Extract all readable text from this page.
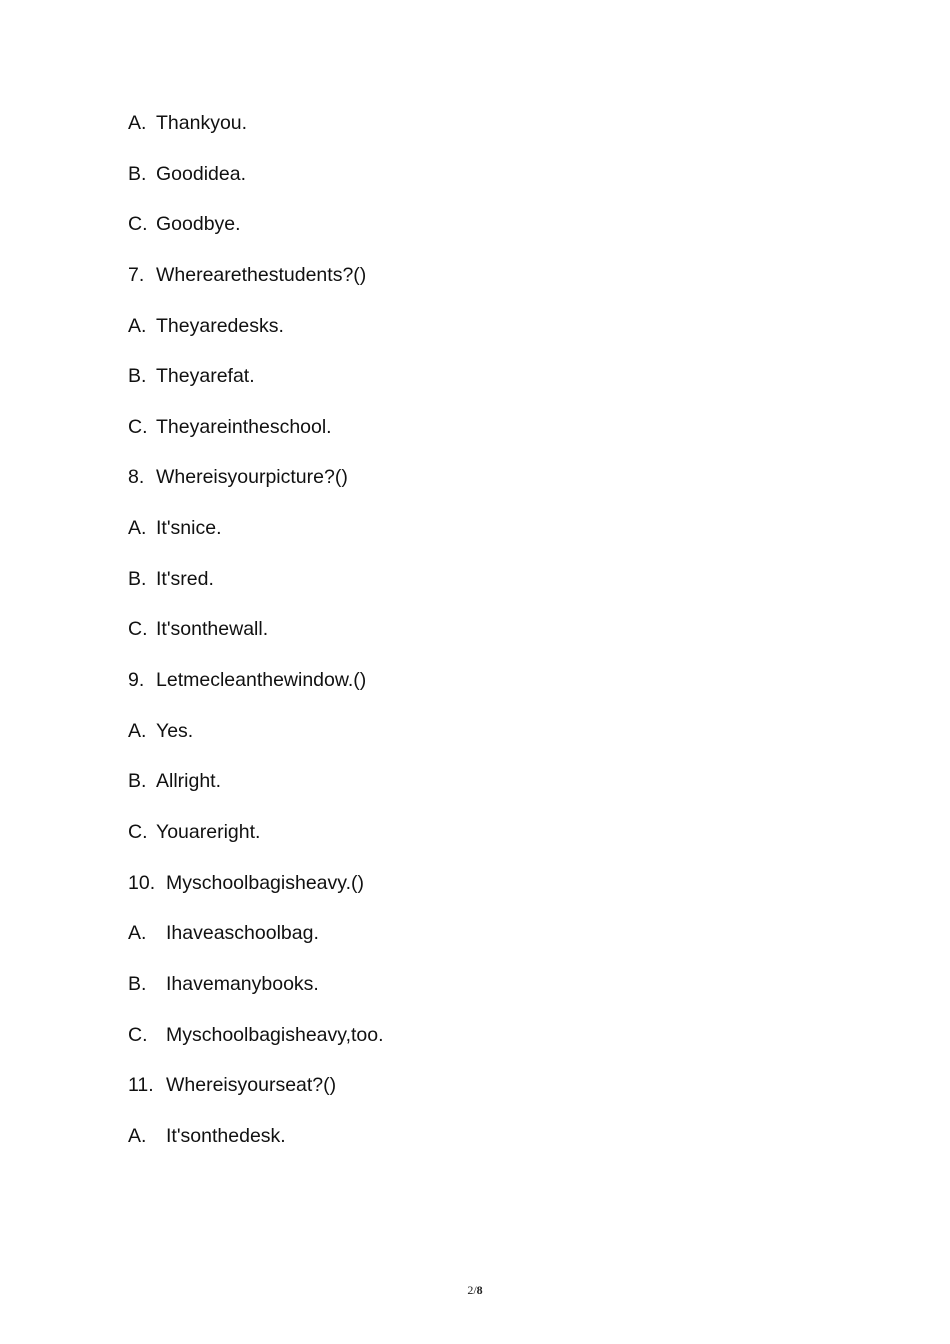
A. Thankyou.
B. Goodidea.
C. Goodbye.
7. Wherearethestudents?()
A. Theyaredesks.
B. Theyarefat.
C. Theyareintheschool.
8. Whereisyourpicture?()
A. It'snice.
B. It'sred.
C. It'sonthewall.
9. Letmecleanthewindow.()
A. Yes.
B. Allright.
C. Youareright.
10. Myschoolbagisheavy.()
A.	Ihaveaschoolbag.
B.	Ihavemanybooks.
C. Myschoolbagisheavy,too.
11. Whereisyourseat?()
A.	It'sonthedesk.
2/8
